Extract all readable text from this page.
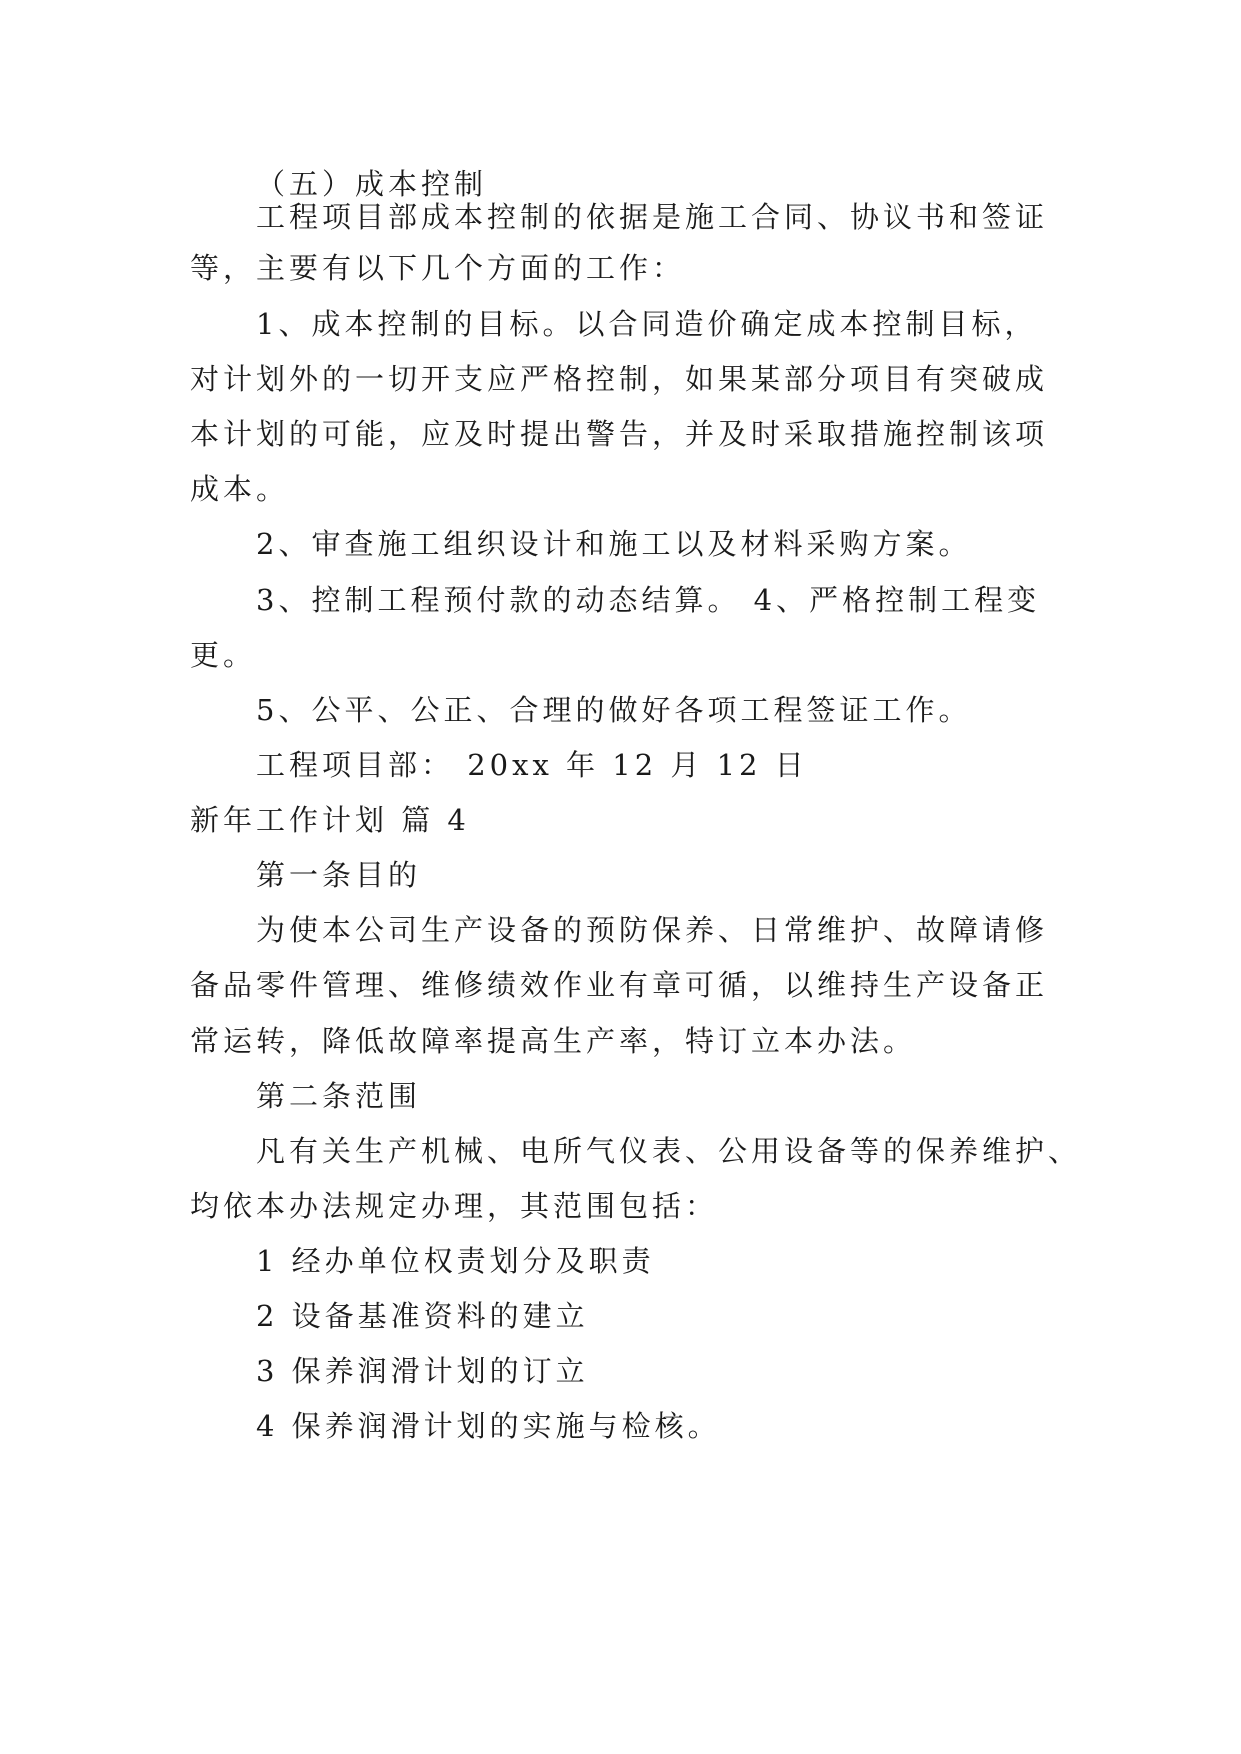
（五）成本控制
工程项目部成本控制的依据是施工合同、协议书和签证
等，主要有以下几个方面的工作：
1、成本控制的目标。以合同造价确定成本控制目标，
对计划外的一切开支应严格控制，如果某部分项目有突破成
本计划的可能，应及时提出警告，并及时采取措施控制该项
成本。
2、审查施工组织设计和施工以及材料采购方案。
3、控制工程预付款的动态结算。 4、严格控制工程变
更。
5、公平、公正、合理的做好各项工程签证工作。
工程项目部： 20xx 年 12 月 12 日
新年工作计划 篇 4
第一条目的
为使本公司生产设备的预防保养、日常维护、故障请修
备品零件管理、维修绩效作业有章可循，以维持生产设备正
常运转，降低故障率提高生产率，特订立本办法。
第二条范围
凡有关生产机械、电所气仪表、公用设备等的保养维护、
均依本办法规定办理，其范围包括：
1 经办单位权责划分及职责
2 设备基准资料的建立
3 保养润滑计划的订立
4 保养润滑计划的实施与检核。
